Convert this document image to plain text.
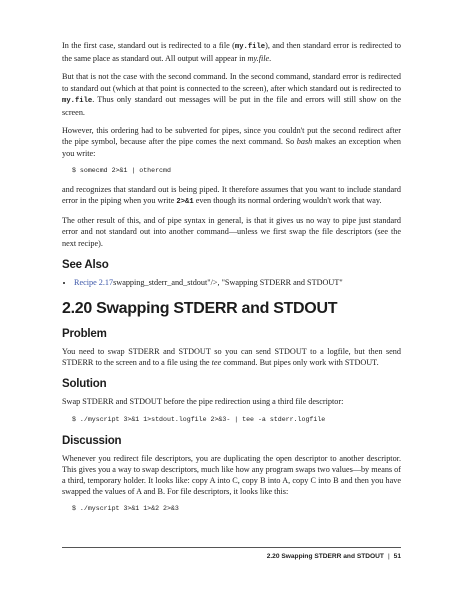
In the first case, standard out is redirected to a file (my.file), and then standard error is redirected to the same place as standard out. All output will appear in my.file.

But that is not the case with the second command. In the second command, standard error is redirected to standard out (which at that point is connected to the screen), after which standard out is redirected to my.file. Thus only standard out messages will be put in the file and errors will still show on the screen.

However, this ordering had to be subverted for pipes, since you couldn't put the second redirect after the pipe symbol, because after the pipe comes the next command. So bash makes an exception when you write:

$ somecmd 2>&1 | othercmd

and recognizes that standard out is being piped. It therefore assumes that you want to include standard error in the piping when you write 2>&1 even though its normal ordering wouldn't work that way.

The other result of this, and of pipe syntax in general, is that it gives us no way to pipe just standard error and not standard out into another command—unless we first swap the file descriptors (see the next recipe).

See Also
• Recipe 2.17swapping_stderr_and_stdout"/>, "Swapping STDERR and STDOUT"
2.20 Swapping STDERR and STDOUT
Problem

You need to swap STDERR and STDOUT so you can send STDOUT to a logfile, but then send STDERR to the screen and to a file using the tee command. But pipes only work with STDOUT.

Solution

Swap STDERR and STDOUT before the pipe redirection using a third file descriptor:

$ ./myscript 3>&1 1>stdout.logfile 2>&3- | tee -a stderr.logfile
Discussion

Whenever you redirect file descriptors, you are duplicating the open descriptor to another descriptor. This gives you a way to swap descriptors, much like how any program swaps two values—by means of a third, temporary holder. It looks like: copy A into C, copy B into A, copy C into B and then you have swapped the values of A and B. For file descriptors, it looks like this:

$ ./myscript 3>&1 1>&2 2>&3
2.20 Swapping STDERR and STDOUT | 51
